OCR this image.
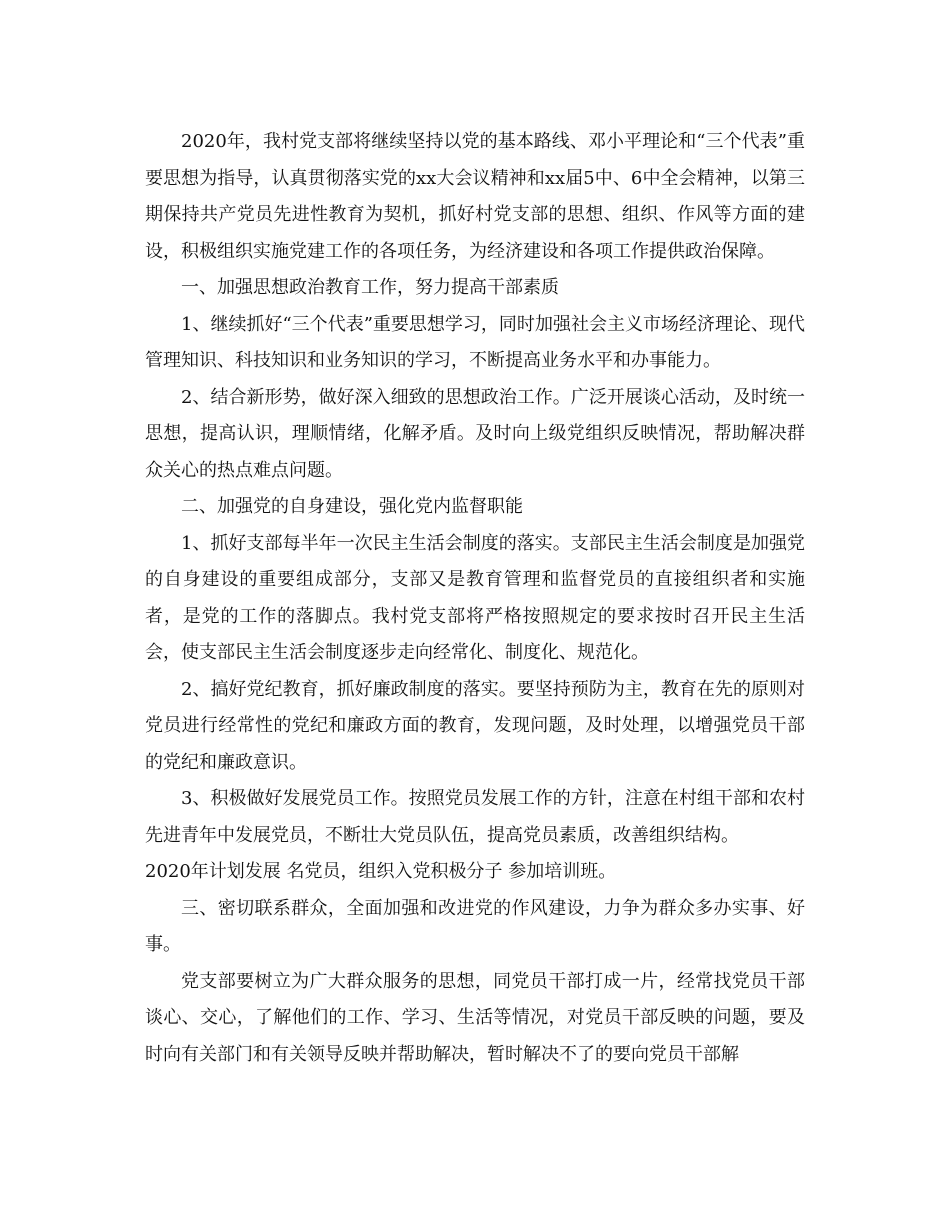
2020年，我村党支部将继续坚持以党的基本路线、邓小平理论和“三个代表”重要思想为指导，认真贯彻落实党的xx大会议精神和xx届5中、6中全会精神，以第三期保持共产党员先进性教育为契机，抓好村党支部的思想、组织、作风等方面的建设，积极组织实施党建工作的各项任务，为经济建设和各项工作提供政治保障。

一、加强思想政治教育工作，努力提高干部素质

1、继续抓好“三个代表”重要思想学习，同时加强社会主义市场经济理论、现代管理知识、科技知识和业务知识的学习，不断提高业务水平和办事能力。

2、结合新形势，做好深入细致的思想政治工作。广泛开展谈心活动，及时统一思想，提高认识，理顺情绪，化解矛盾。及时向上级党组织反映情况，帮助解决群众关心的热点难点问题。

二、加强党的自身建设，强化党内监督职能

1、抓好支部每半年一次民主生活会制度的落实。支部民主生活会制度是加强党的自身建设的重要组成部分，支部又是教育管理和监督党员的直接组织者和实施者，是党的工作的落脚点。我村党支部将严格按照规定的要求按时召开民主生活会，使支部民主生活会制度逐步走向经常化、制度化、规范化。

2、搞好党纪教育，抓好廉政制度的落实。要坚持预防为主，教育在先的原则对党员进行经常性的党纪和廉政方面的教育，发现问题，及时处理，以增强党员干部的党纪和廉政意识。

3、积极做好发展党员工作。按照党员发展工作的方针，注意在村组干部和农村先进青年中发展党员，不断壮大党员队伍，提高党员素质，改善组织结构。

2020年计划发展 名党员，组织入党积极分子 参加培训班。

三、密切联系群众，全面加强和改进党的作风建设，力争为群众多办实事、好事。

党支部要树立为广大群众服务的思想，同党员干部打成一片，经常找党员干部谈心、交心，了解他们的工作、学习、生活等情况，对党员干部反映的问题，要及时向有关部门和有关领导反映并帮助解决，暂时解决不了的要向党员干部解
